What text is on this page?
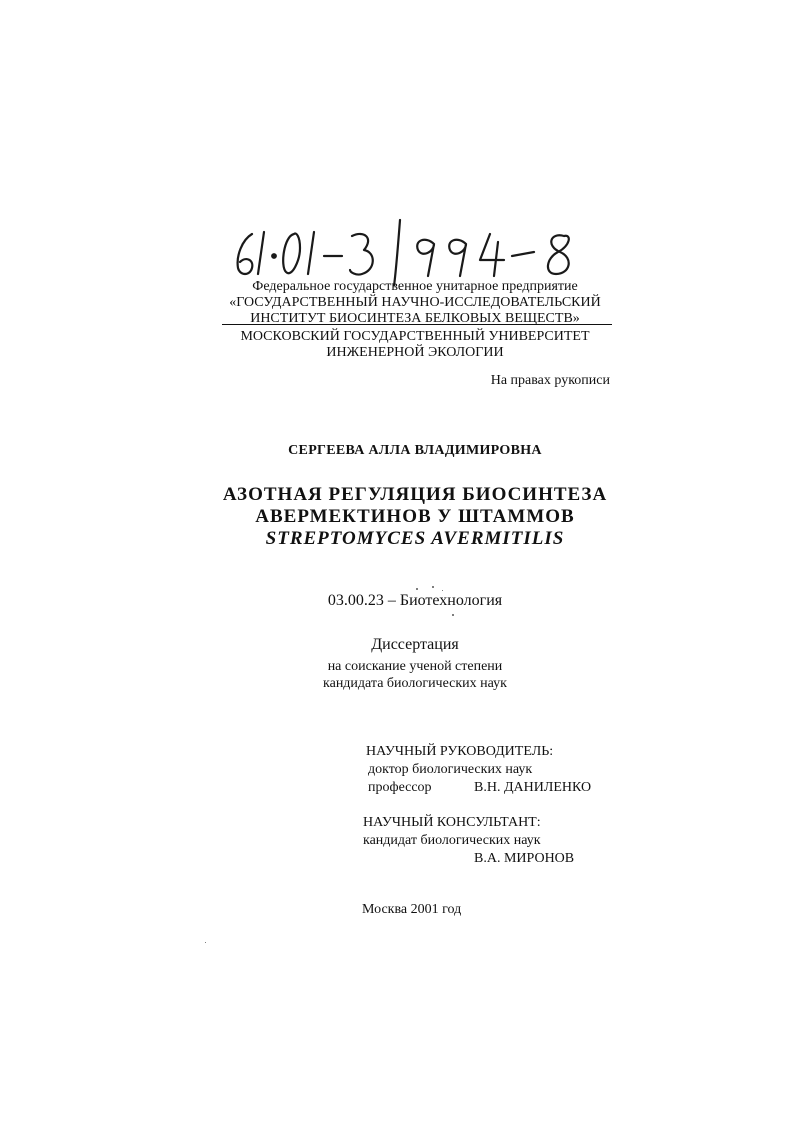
Федеральное государственное унитарное предприятие
«ГОСУДАРСТВЕННЫЙ НАУЧНО-ИССЛЕДОВАТЕЛЬСКИЙ
ИНСТИТУТ БИОСИНТЕЗА БЕЛКОВЫХ ВЕЩЕСТВ»
МОСКОВСКИЙ ГОСУДАРСТВЕННЫЙ УНИВЕРСИТЕТ
ИНЖЕНЕРНОЙ ЭКОЛОГИИ
На правах рукописи
СЕРГЕЕВА АЛЛА ВЛАДИМИРОВНА
АЗОТНАЯ РЕГУЛЯЦИЯ БИОСИНТЕЗА
АВЕРМЕКТИНОВ У ШТАММОВ
STREPTOMYCES AVERMITILIS
03.00.23 – Биотехнология
Диссертация
на соискание ученой степени
кандидата биологических наук
НАУЧНЫЙ РУКОВОДИТЕЛЬ:
доктор биологических наук
профессор	В.Н. ДАНИЛЕНКО
НАУЧНЫЙ КОНСУЛЬТАНТ:
кандидат биологических наук
В.А. МИРОНОВ
Москва 2001 год
